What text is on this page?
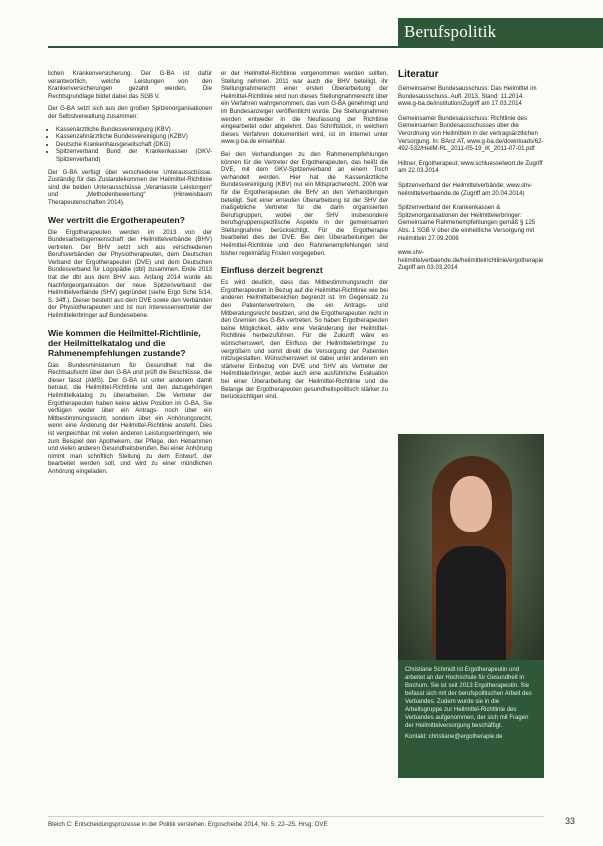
Berufspolitik

lichen Krankenversicherung. Der G-BA ist dafür verantwortlich, welche Leistungen von den Krankenversicherungen gezahlt werden. Die Rechtsgrundlage bildet dabei das SGB V.

Der G-BA setzt sich aus den großen Spitzenorganisationen der Selbstverwaltung zusammen:

• Kassenärztliche Bundesvereinigung (KBV)
• Kassenzahnärztliche Bundesvereinigung (KZBV)
• Deutsche Krankenhausgesellschaft (DKG)
• Spitzenverband Bund der Krankenkassen (GKV-Spitzenverband)

Der G-BA verfügt über verschiedene Unterausschüsse. Zuständig für das Zustandekommen der Heilmittel-Richtlinie sind die beiden Unterausschüsse „Veranlasste Leistungen“ und „Methodenbewertung“ (Hinweisbaum Therapeutenschaften 2014).

Wer vertritt die Ergotherapeuten?

Die Ergotherapeuten werden im 2013 von der Bundesarbeitsgemeinschaft der Heilmittelverbände (BHV) vertreten. Der BHV setzt sich aus verschiedenen Berufsverbänden der Physiotherapeuten, dem Deutschen Verband der Ergotherapeuten (DVE) und dem Deutschen Bundesverband für Logopädie (dbl) zusammen. Ende 2013 trat der dbl aus dem BHV aus. Anfang 2014 wurde als Nachfolgeorganisation der neue Spitzenverband der Heilmittelverbände (SHV) gegründet (siehe Ergo Sche 5/14, S. 34ff.). Dieser besteht aus dem DVE sowie den Verbänden der Physiotherapeuten und ist nun Interessenvertreter der Heilmittelerbringer auf Bundesebene.

Wie kommen die Heilmittel-Richtlinie, der Heilmittelkatalog und die Rahmenempfehlungen zustande?

Das Bundesministerium für Gesundheit hat die Rechtsaufsicht über den G-BA und prüft die Beschlüsse, die dieser fasst (AMS). Der G-BA ist unter anderem damit betraut, die Heilmittel-Richtlinie und den dazugehörigen Heilmittelkatalog zu überarbeiten. Die Vertreter der Ergotherapeuten haben keine aktive Position im G-BA. Sie verfügen weder über ein Antrags- noch über ein Mitbestimmungsrecht, sondern über ein Anhörungsrecht, wenn eine Änderung der Heilmittel-Richtlinie ansteht. Dies ist vergleichbar mit vielen anderen Leistungserbringern, wie zum Beispiel den Apothekern, der Pflege, den Hebammen und vielen anderen Gesundheitsberufen. Bei einer Anhörung nimmt man schriftlich Stellung zu dem Entwurf, der bearbeitet werden soll, und wird zu einer mündlichen Anhörung eingeladen.

er der Heilmittel-Richtlinie vorgenommen werden sollten, Stellung nehmen. 2011 war auch die BHV beteiligt, ihr Stellungnahmerecht einer ersten Überarbeitung der Heilmittel-Richtlinie wird nun dieses Stellungnahmerecht über ein Verfahren wahrgenommen, das vom G-BA genehmigt und im Bundesanzeiger veröffentlicht wurde. Die Stellungnahmen werden entweder in die Neufassung der Richtlinie eingearbeitet oder abgelehnt. Das Schriftstück, in welchem dieses Verfahren dokumentiert wird, ist im Internet unter www.g-ba.de einsehbar.

Bei den Verhandlungen zu den Rahmenempfehlungen können für die Vertreter der Ergotherapeuten, das heißt die DVE, mit dem GKV-Spitzenverband an einem Tisch verhandelt werden. Hier hat die Kassenärztliche Bundesvereinigung (KBV) nur ein Mitspracherecht. 2006 war für die Ergotherapeuten die BHV an den Verhandlungen beteiligt. Seit einer erneuten Überarbeitung ist der SHV der maßgebliche Vertreter für die darin organisierten Berufsgruppen, wobei der SHV insbesondere berufsgruppenspezifische Aspekte in der gemeinsamen Stellungnahme berücksichtigt. Für die Ergotherapie bearbeitet dies der DVE. Bei den Überarbeitungen der Heilmittel-Richtlinie und den Rahmenempfehlungen sind bisher regelmäßig Fristen vorgegeben.

Einfluss derzeit begrenzt

Es wird deutlich, dass das Mitbestimmungsrecht der Ergotherapeuten in Bezug auf die Heilmittel-Richtlinie wie bei anderen Heilmittelbereichen begrenzt ist. Im Gegensatz zu den Patientenvertretern, die ein Antrags- und Mitberatungsrecht besitzen, sind die Ergotherapeuten nicht in den Gremien des G-BA vertreten. So haben Ergotherapeuten keine Möglichkeit, aktiv eine Veränderung der Heilmittel-Richtlinie herbeizuführen. Für die Zukunft wäre es wünschenswert, den Einfluss der Heilmittelerbringer zu vergrößern und somit direkt die Versorgung der Patienten mitzugestalten. Wünschenswert ist dabei unter anderem ein stärkerer Einbezug von DVE und SHV als Vertreter der Heilmittelerbringer, wobei auch eine ausführliche Evaluation bei einer Überarbeitung der Heilmittel-Richtlinie und die Belange der Ergotherapeuten gesundheitspolitisch stärker zu berücksichtigen sind.

Literatur

Gemeinsamer Bundesausschuss: Das Heilmittel im Bundesausschuss. Aufl. 2013, Stand: 11.2014. www.g-ba.de/institution/Zugriff am 17.03.2014

Gemeinsamer Bundesausschuss: Richtlinie des Gemeinsamen Bundesausschusses über die Verordnung von Heilmitteln in der vertragsärztlichen Versorgung. In: BAnz AT, www.g-ba.de/downloads/62-492-532/HeilM-RL_2011-05-19_iK_2011-07-01.pdf

Hiltner, Ergotherapeut; www.schluesselwort.de Zugriff am 22.03.2014

Spitzenverband der Heilmittelverbände: www.shv-heilmittelverbaende.de (Zugriff am 20.04.2014)

Spitzenverband der Krankenkassen & Spitzenorganisationen der Heilmittelerbringer: Gemeinsame Rahmenempfehlungen gemäß § 125 Abs. 1 SGB V über die einheitliche Versorgung mit Heilmitteln 27.09.2006

www.shv-heilmittelverbaende.de/heilmittelrichtlinie/ergotherapie Zugriff am 03.03.2014

Christiane Schmidt ist Ergotherapeutin und arbeitet an der Hochschule für Gesundheit in Bochum. Sie ist seit 2013 Ergotherapeutin. Sie befasst sich mit der berufspolitischen Arbeit des Verbandes. Zudem wurde sie in die Arbeitsgruppe zur Heilmittel-Richtlinie des Verbandes aufgenommen, der sich mit Fragen der Heilmittelversorgung beschäftigt.
Kontakt: christiane@ergotherapie.de
Bleich C: Entscheidungsprozesse in der Politik verstehen. Ergoscheibe 2014, Nr. 5: 22–25. Hrsg: DVE	33
